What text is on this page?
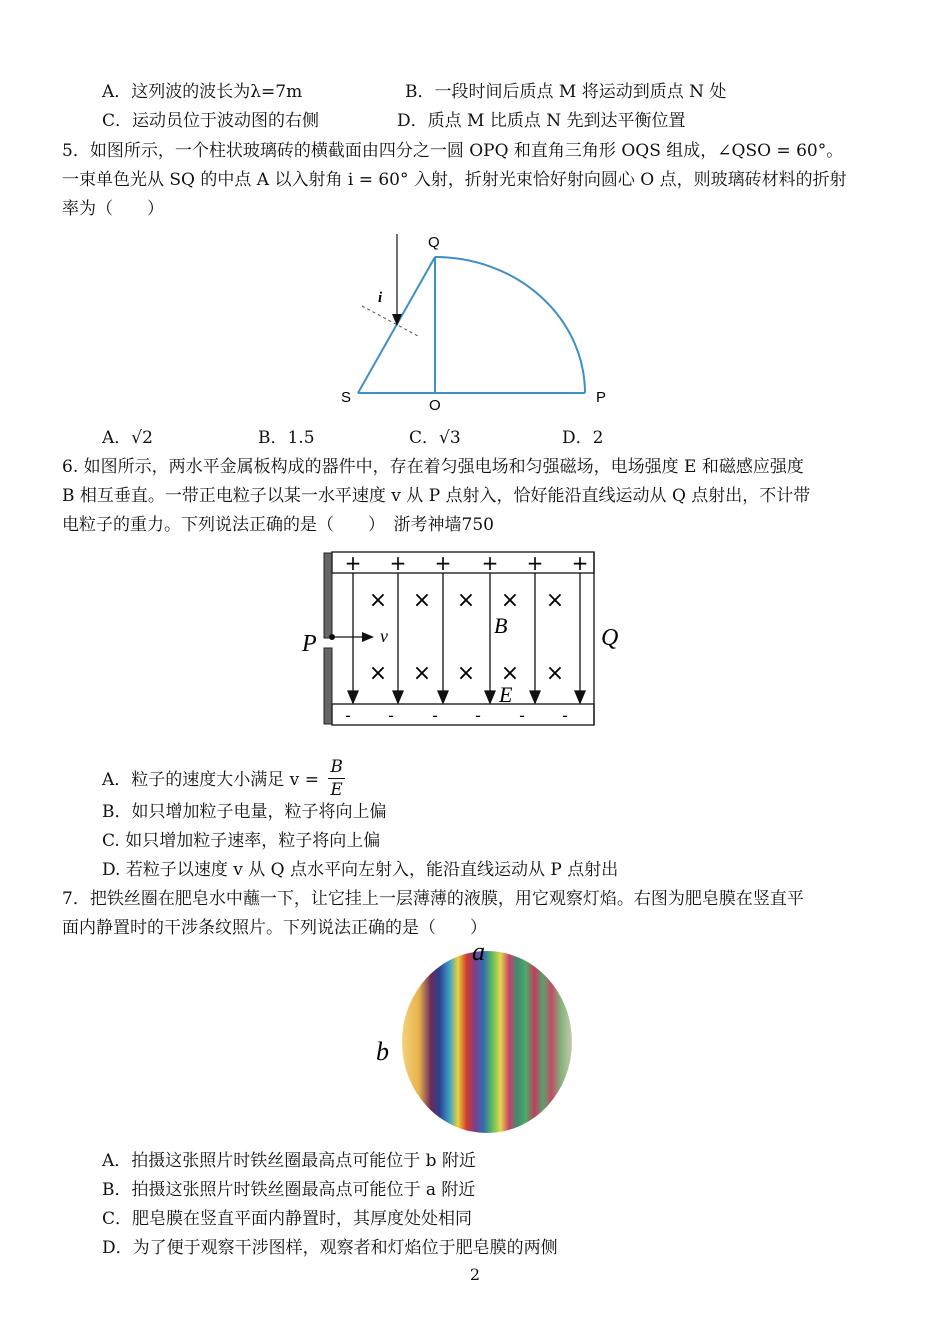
A．这列波的波长为λ=7m	B．一段时间后质点 M 将运动到质点 N 处
C．运动员位于波动图的右侧	D．质点 M 比质点 N 先到达平衡位置
5．如图所示，一个柱状玻璃砖的横截面由四分之一圆 OPQ 和直角三角形 OQS 组成，∠QSO = 60°。
一束单色光从 SQ 的中点 A 以入射角 i = 60° 入射，折射光束恰好射向圆心 O 点，则玻璃砖材料的折射
率为（　　）
i
Q
S	O	P
A．√2	B．1.5	C．√3	D．2
6. 如图所示，两水平金属板构成的器件中，存在着匀强电场和匀强磁场，电场强度 E 和磁感应强度
B 相互垂直。一带正电粒子以某一水平速度 v 从 P 点射入，恰好能沿直线运动从 Q 点射出，不计带
电粒子的重力。下列说法正确的是（　　）　浙考神墙750
+ + + + + +
- - - - - -
× × × × ×
× × × × ×
v
P	Q
B
E
A．粒子的速度大小满足 $v = \frac{B}{E}$
B．如只增加粒子电量，粒子将向上偏
C. 如只增加粒子速率，粒子将向上偏
D. 若粒子以速度 v 从 Q 点水平向左射入，能沿直线运动从 P 点射出
7．把铁丝圈在肥皂水中蘸一下，让它挂上一层薄薄的液膜，用它观察灯焰。右图为肥皂膜在竖直平
面内静置时的干涉条纹照片。下列说法正确的是（　　）
a
b
A．拍摄这张照片时铁丝圈最高点可能位于 b 附近
B．拍摄这张照片时铁丝圈最高点可能位于 a 附近
C．肥皂膜在竖直平面内静置时，其厚度处处相同
D．为了便于观察干涉图样，观察者和灯焰位于肥皂膜的两侧
2
